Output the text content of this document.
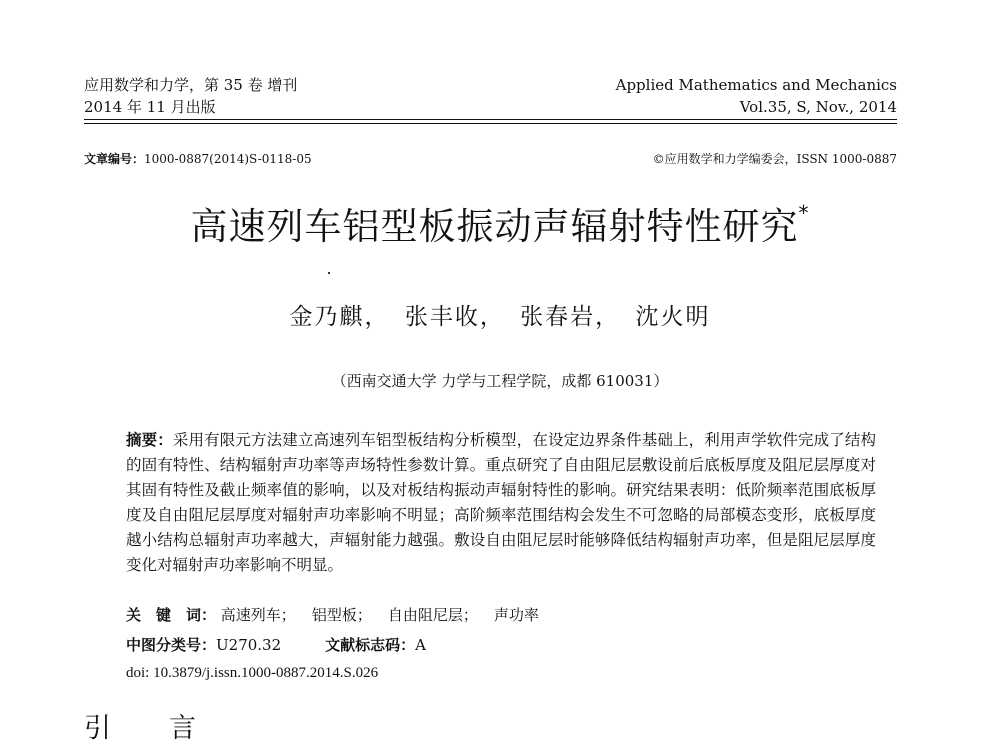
应用数学和力学，第 35 卷 增刊
2014 年 11 月出版
Applied Mathematics and Mechanics
Vol.35, S, Nov., 2014
文章编号：1000-0887(2014)S-0118-05	©应用数学和力学编委会，ISSN 1000-0887
高速列车铝型板振动声辐射特性研究*
金乃麒， 张丰收， 张春岩， 沈火明
（西南交通大学 力学与工程学院，成都 610031）
摘要：采用有限元方法建立高速列车铝型板结构分析模型，在设定边界条件基础上，利用声学软件完成了结构的固有特性、结构辐射声功率等声场特性参数计算。重点研究了自由阻尼层敷设前后底板厚度及阻尼层厚度对其固有特性及截止频率值的影响，以及对板结构振动声辐射特性的影响。研究结果表明：低阶频率范围底板厚度及自由阻尼层厚度对辐射声功率影响不明显；高阶频率范围结构会发生不可忽略的局部模态变形，底板厚度越小结构总辐射声功率越大，声辐射能力越强。敷设自由阻尼层时能够降低结构辐射声功率，但是阻尼层厚度变化对辐射声功率影响不明显。
关　键　词： 高速列车； 铝型板； 自由阻尼层； 声功率
中图分类号：U270.32	文献标志码：A
doi: 10.3879/j.issn.1000-0887.2014.S.026
引言
